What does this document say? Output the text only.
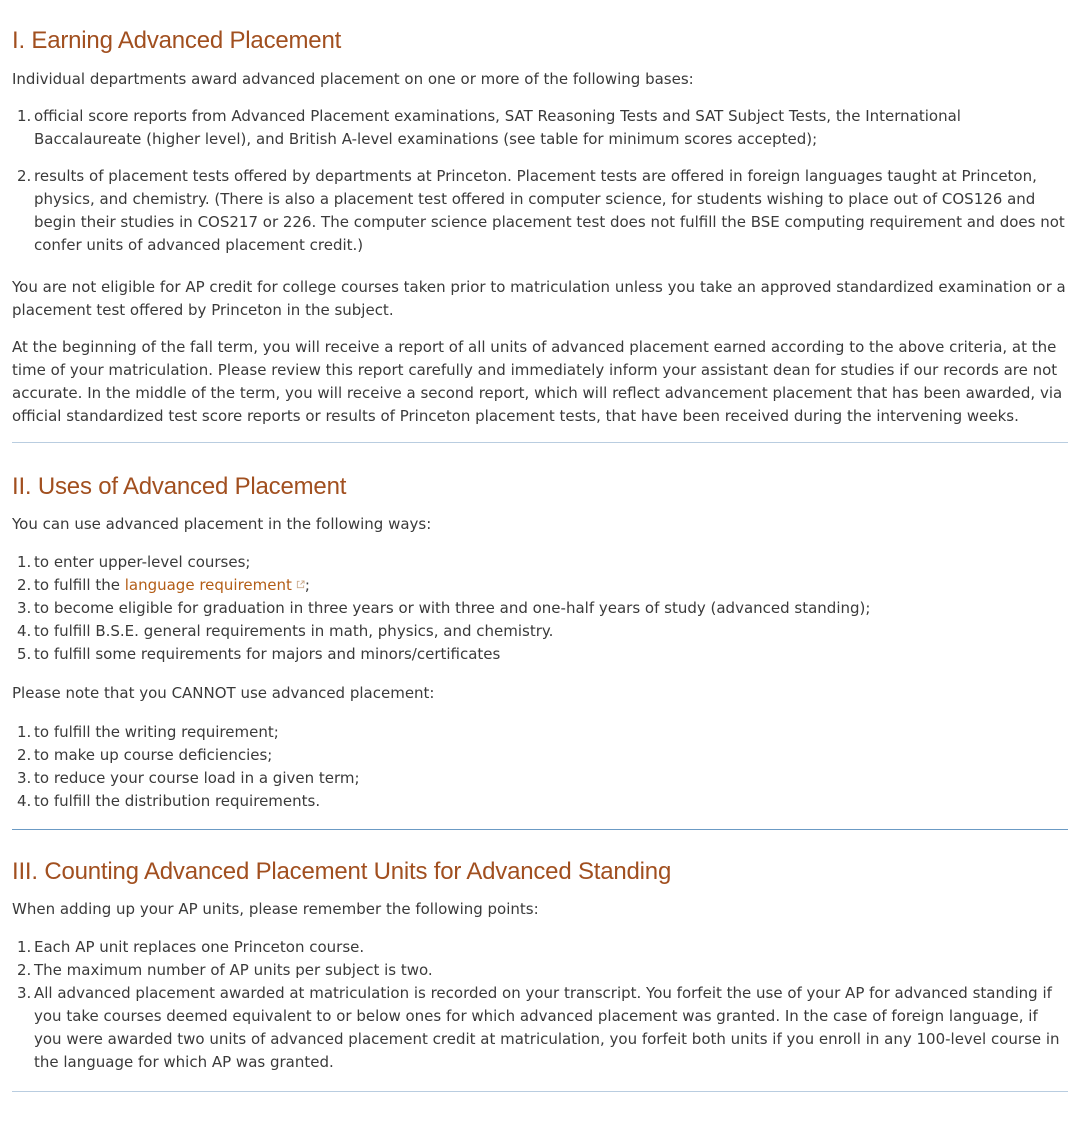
I. Earning Advanced Placement

Individual departments award advanced placement on one or more of the following bases:

1. official score reports from Advanced Placement examinations, SAT Reasoning Tests and SAT Subject Tests, the International Baccalaureate (higher level), and British A-level examinations (see table for minimum scores accepted);
2. results of placement tests offered by departments at Princeton. Placement tests are offered in foreign languages taught at Princeton, physics, and chemistry. (There is also a placement test offered in computer science, for students wishing to place out of COS126 and begin their studies in COS217 or 226. The computer science placement test does not fulfill the BSE computing requirement and does not confer units of advanced placement credit.)

You are not eligible for AP credit for college courses taken prior to matriculation unless you take an approved standardized examination or a placement test offered by Princeton in the subject.

At the beginning of the fall term, you will receive a report of all units of advanced placement earned according to the above criteria, at the time of your matriculation. Please review this report carefully and immediately inform your assistant dean for studies if our records are not accurate. In the middle of the term, you will receive a second report, which will reflect advancement placement that has been awarded, via official standardized test score reports or results of Princeton placement tests, that have been received during the intervening weeks.

II. Uses of Advanced Placement

You can use advanced placement in the following ways:

1. to enter upper-level courses;
2. to fulfill the language requirement ;
3. to become eligible for graduation in three years or with three and one-half years of study (advanced standing);
4. to fulfill B.S.E. general requirements in math, physics, and chemistry.
5. to fulfill some requirements for majors and minors/certificates

Please note that you CANNOT use advanced placement:

1. to fulfill the writing requirement;
2. to make up course deficiencies;
3. to reduce your course load in a given term;
4. to fulfill the distribution requirements.
III. Counting Advanced Placement Units for Advanced Standing

When adding up your AP units, please remember the following points:

1. Each AP unit replaces one Princeton course.
2. The maximum number of AP units per subject is two.
3. All advanced placement awarded at matriculation is recorded on your transcript. You forfeit the use of your AP for advanced standing if you take courses deemed equivalent to or below ones for which advanced placement was granted. In the case of foreign language, if you were awarded two units of advanced placement credit at matriculation, you forfeit both units if you enroll in any 100-level course in the language for which AP was granted.
